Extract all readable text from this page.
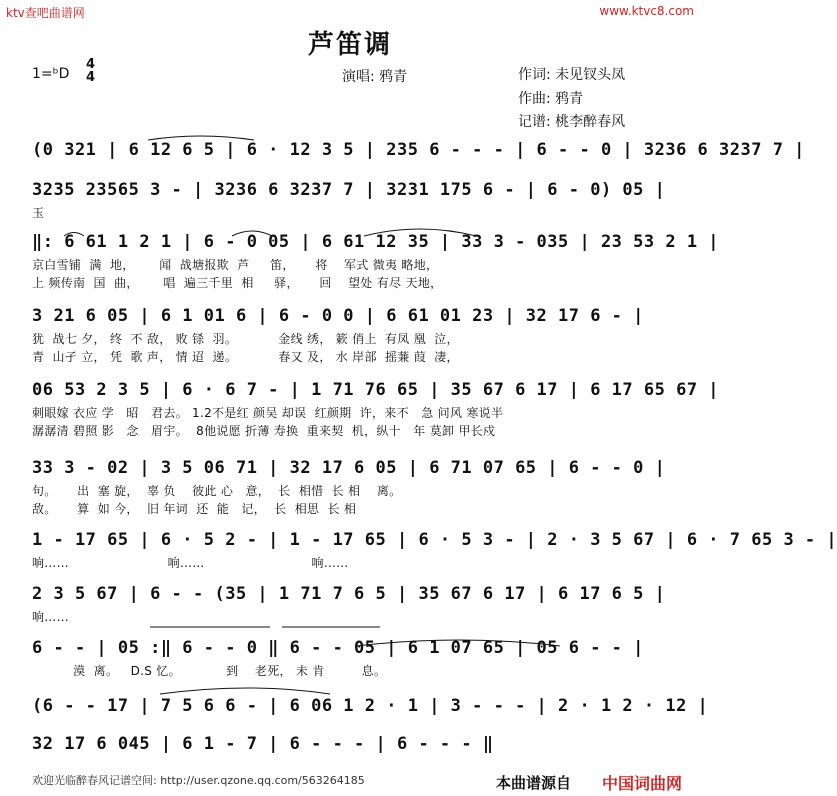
ktv查吧曲谱网	www.ktvc8.com
芦笛调
1=ᵇD
4
4	演唱: 鸦青	作词: 未见钗头凤
作曲: 鸦青
记谱: 桃李醉春风
(0 321 | 6 12 6 5 | 6 · 12 3 5 | 235 6 - - - | 6 - - 0 | 3236 6 3237 7 |
3235 23565 3 - | 3236 6 3237 7 | 3231 175 6 - | 6 - 0) 05 |
玉
‖: 6 61 1 2 1 | 6 - 0 05 | 6 61 12 35 | 33 3 - 035 | 23 53 2 1 |
京白雪铺  满  地，      闻  战塘报欺  芦     笛，     将    军式 微夷 略地，
上 频传南  国  曲，      唱  遍三千里  相     驿，     回    望处 有尽 天地，
3 21 6 05 | 6 1 01 6 | 6 - 0 0 | 6 61 01 23 | 32 17 6 - |
犹  战七 夕， 终  不 敌， 败 铩  羽。          金线 绣， 簌 俏上  有凤 凰  泣，
青  山孑 立， 凭  歌 声， 情 迢  递。          春又 及， 水 岸部  摇蒹 葭  凄，
06 53 2 3 5 | 6 · 6 7 - | 1 71 76 65 | 35 67 6 17 | 6 17 65 67 |
刺眼嫁 衣应 学   昭   君去。 1.2不是红 颜吴 却误  红颜期  许，来不   急 问风 寒说半
潺潺清 碧照 影   念   眉宇。  8他说愿 折薄 寿换  重来契  机，纵十   年 莫卸 甲长戍
33 3 - 02 | 3 5 06 71 | 32 17 6 05 | 6 71 07 65 | 6 - - 0 |
句。     出  塞 旋，  辜 负    彼此 心   意，  长  相惜  长 相    离。
敌。     算  如 今，  旧 年词  还  能   记，  长  相思  长 相
1 - 17 65 | 6 · 5 2 - | 1 - 17 65 | 6 · 5 3 - | 2 · 3 5 67 | 6 · 7 65 3 - |
响……                        响……                          响……
2 3 5 67 | 6 - - (35 | 1 71 7 6 5 | 35 67 6 17 | 6 17 6 5 |
响……
6 - - | 05 :‖ 6 - - 0 ‖ 6 - - 05 | 6 1 07 65 | 05 6 - - |
漠  离。   D.S 忆。           到    老死， 未 肯         息。
(6 - - 17 | 7 5 6 6 - | 6 06 1 2 · 1 | 3 - - - | 2 · 1 2 · 12 |
32 17 6 045 | 6 1 - 7 | 6 - - - | 6 - - - ‖
欢迎光临醉春风记谱空间: http://user.qzone.qq.com/563264185	本曲谱源自 中国词曲网
